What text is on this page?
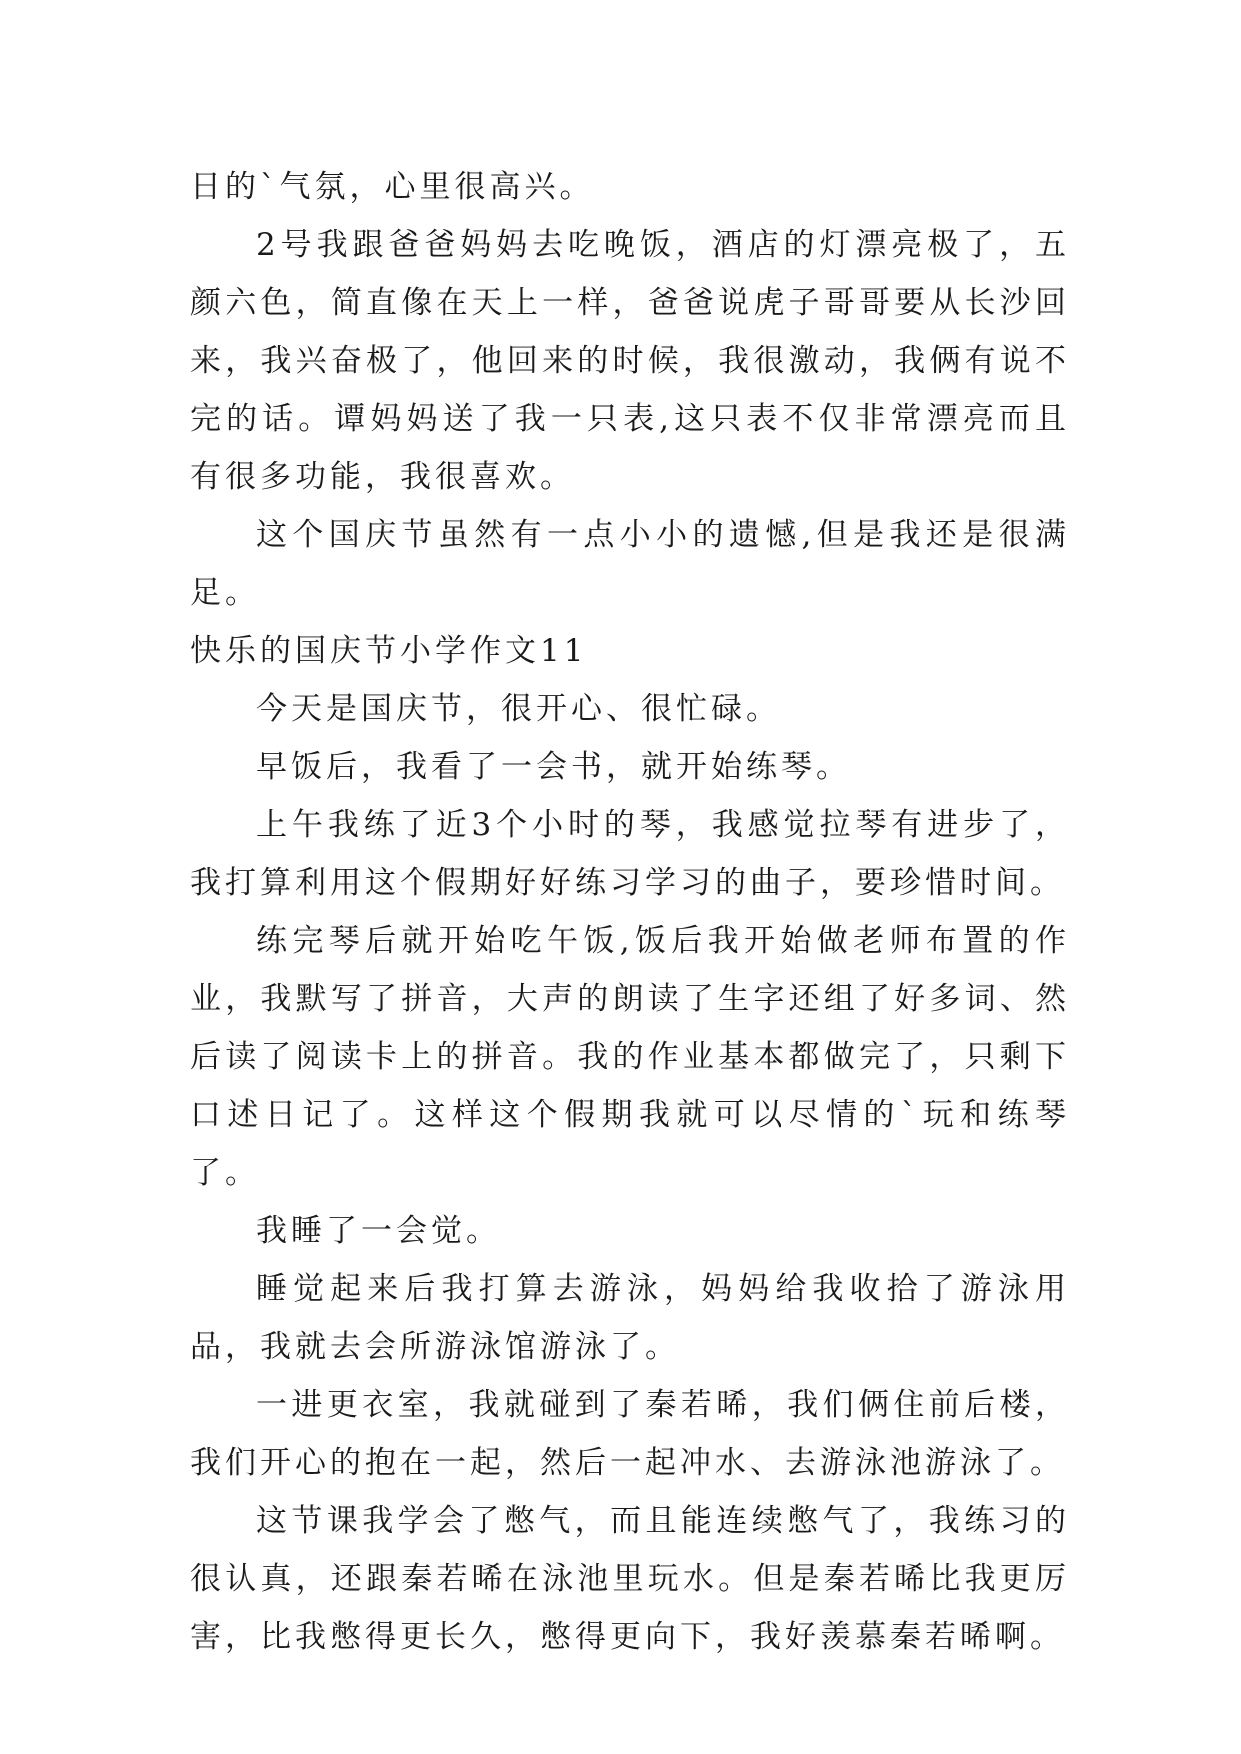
日的`气氛，心里很高兴。

2号我跟爸爸妈妈去吃晚饭，酒店的灯漂亮极了，五颜六色，简直像在天上一样，爸爸说虎子哥哥要从长沙回来，我兴奋极了，他回来的时候，我很激动，我俩有说不完的话。谭妈妈送了我一只表,这只表不仅非常漂亮而且有很多功能，我很喜欢。

这个国庆节虽然有一点小小的遗憾,但是我还是很满足。

快乐的国庆节小学作文11

今天是国庆节，很开心、很忙碌。

早饭后，我看了一会书，就开始练琴。

上午我练了近3个小时的琴，我感觉拉琴有进步了，我打算利用这个假期好好练习学习的曲子，要珍惜时间。

练完琴后就开始吃午饭,饭后我开始做老师布置的作业，我默写了拼音，大声的朗读了生字还组了好多词、然后读了阅读卡上的拼音。我的作业基本都做完了，只剩下口述日记了。这样这个假期我就可以尽情的`玩和练琴了。

我睡了一会觉。

睡觉起来后我打算去游泳，妈妈给我收拾了游泳用品，我就去会所游泳馆游泳了。

一进更衣室，我就碰到了秦若晞，我们俩住前后楼，我们开心的抱在一起，然后一起冲水、去游泳池游泳了。

这节课我学会了憋气，而且能连续憋气了，我练习的很认真，还跟秦若晞在泳池里玩水。但是秦若晞比我更厉害，比我憋得更长久，憋得更向下，我好羡慕秦若晞啊。
